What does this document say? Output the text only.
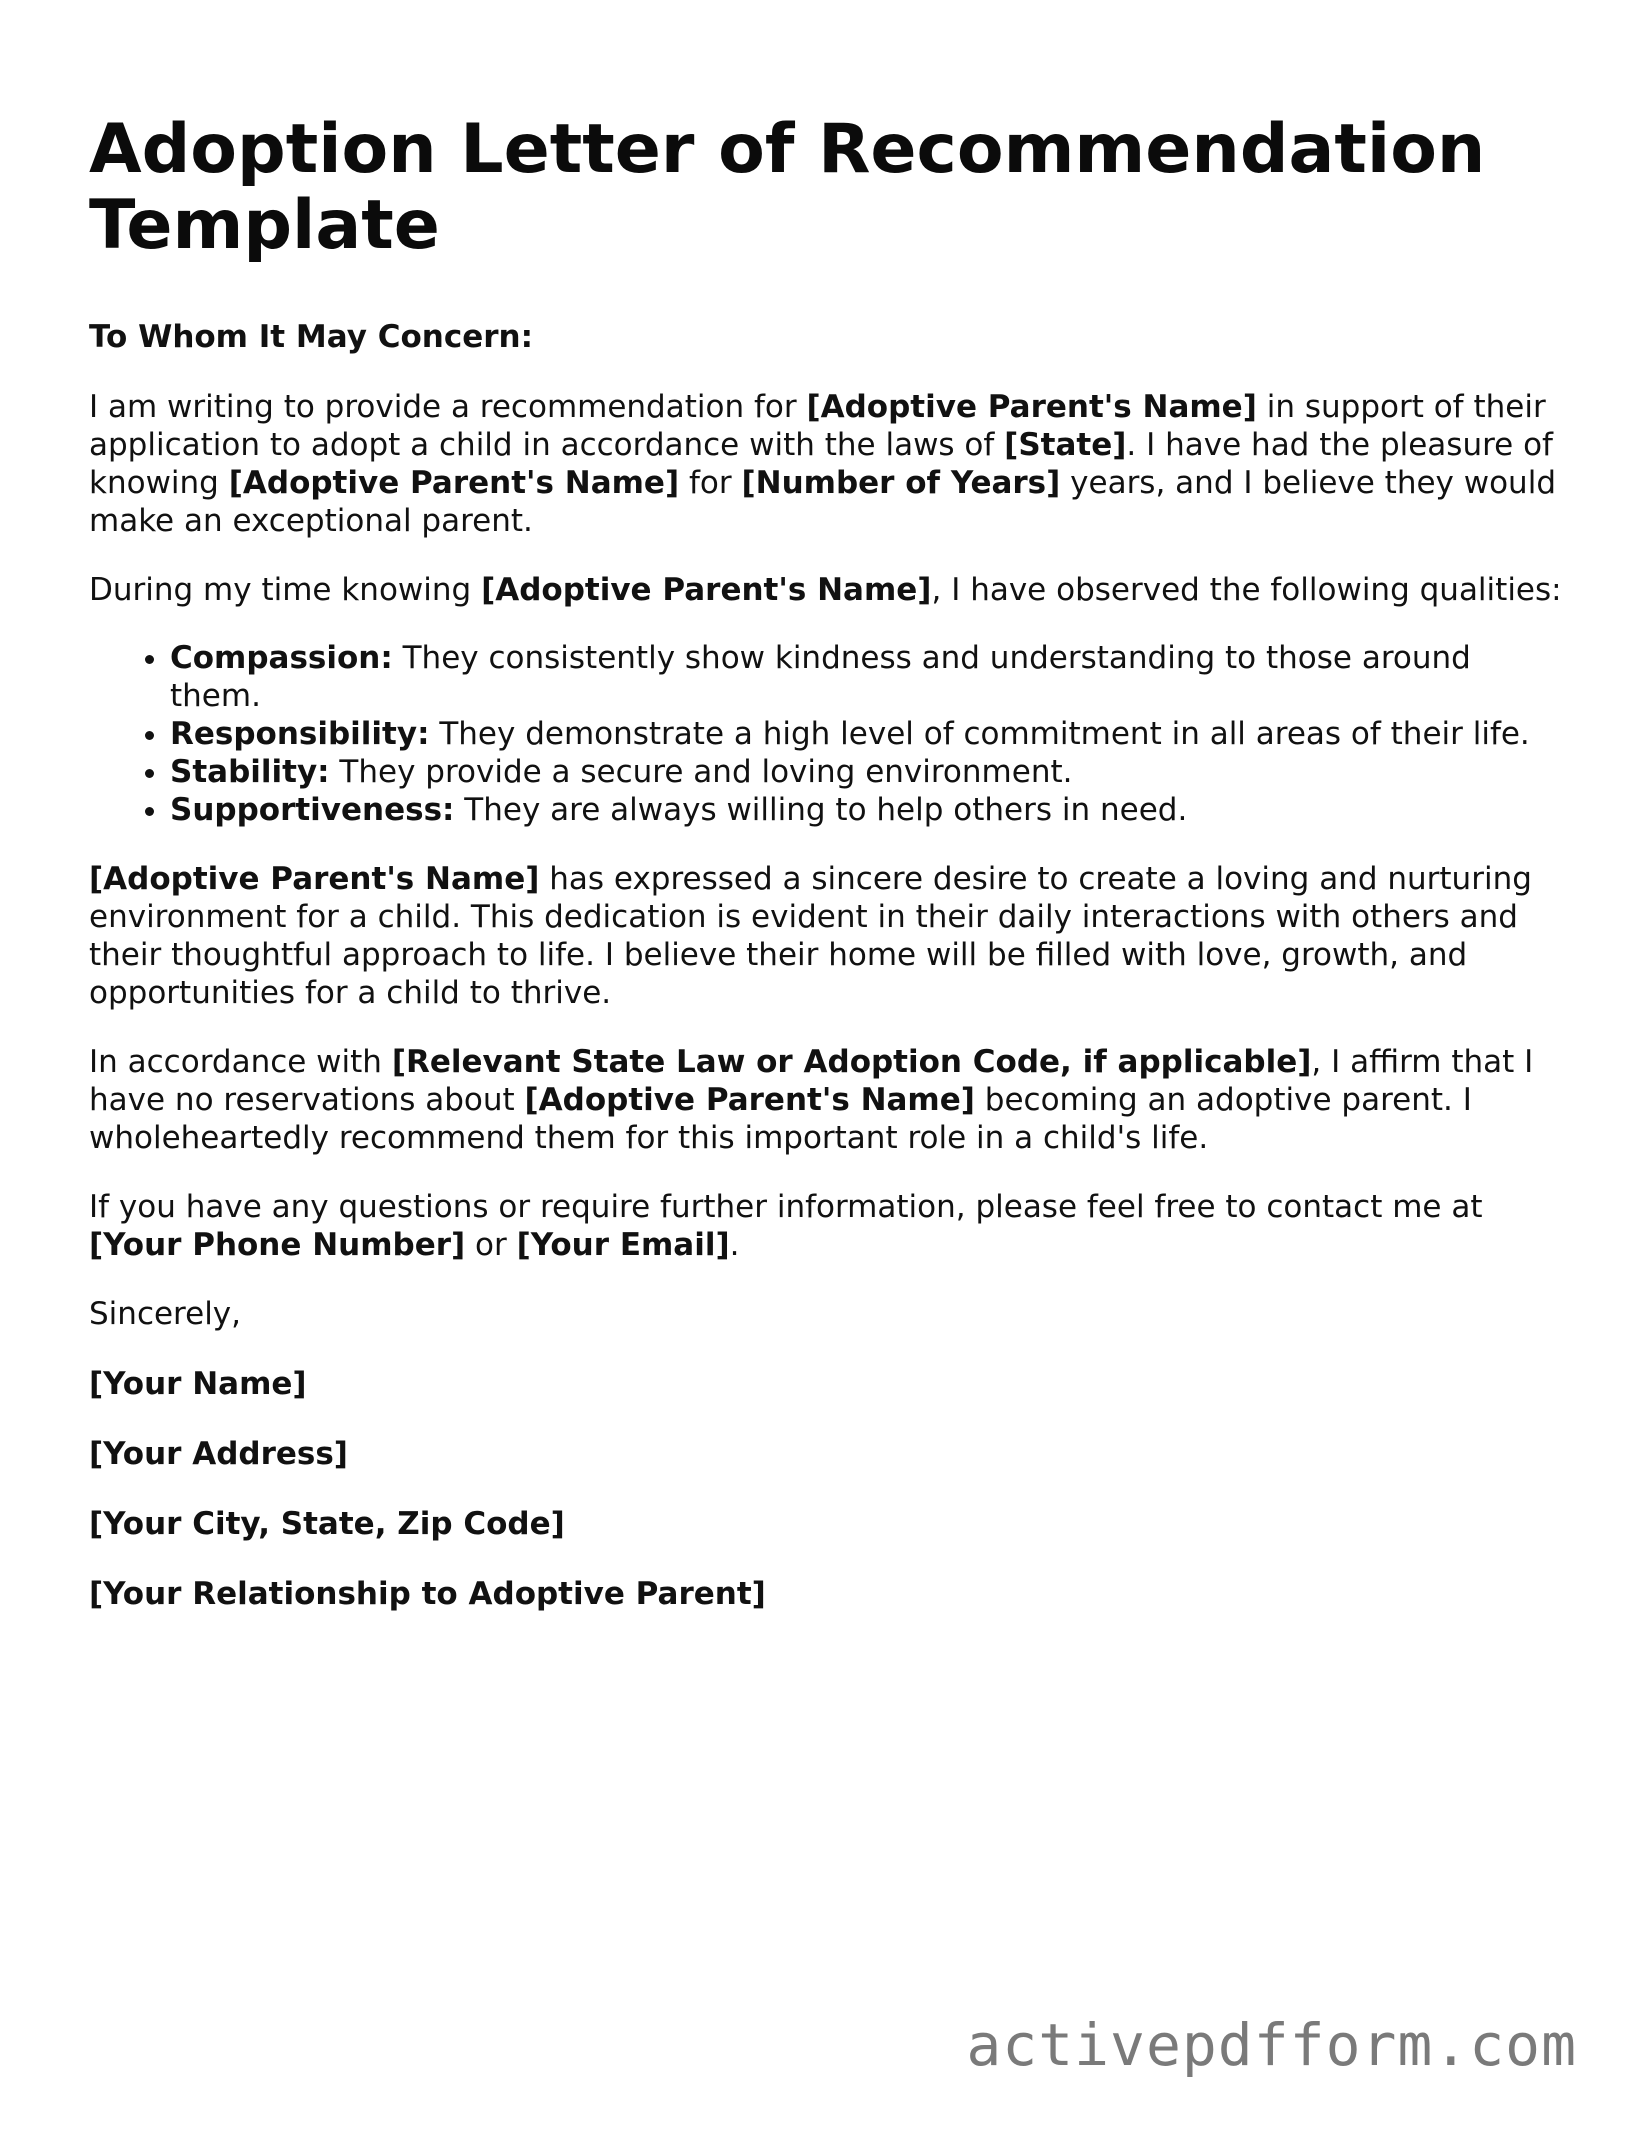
Adoption Letter of Recommendation Template
To Whom It May Concern:

I am writing to provide a recommendation for [Adoptive Parent's Name] in support of their application to adopt a child in accordance with the laws of [State]. I have had the pleasure of knowing [Adoptive Parent's Name] for [Number of Years] years, and I believe they would make an exceptional parent.

During my time knowing [Adoptive Parent's Name], I have observed the following qualities:

• Compassion: They consistently show kindness and understanding to those around them.
• Responsibility: They demonstrate a high level of commitment in all areas of their life.
• Stability: They provide a secure and loving environment.
• Supportiveness: They are always willing to help others in need.

[Adoptive Parent's Name] has expressed a sincere desire to create a loving and nurturing environment for a child. This dedication is evident in their daily interactions with others and their thoughtful approach to life. I believe their home will be filled with love, growth, and opportunities for a child to thrive.

In accordance with [Relevant State Law or Adoption Code, if applicable], I affirm that I have no reservations about [Adoptive Parent's Name] becoming an adoptive parent. I wholeheartedly recommend them for this important role in a child's life.

If you have any questions or require further information, please feel free to contact me at [Your Phone Number] or [Your Email].

Sincerely,
[Your Name]
[Your Address]
[Your City, State, Zip Code]
[Your Relationship to Adoptive Parent]
activepdfform.com
